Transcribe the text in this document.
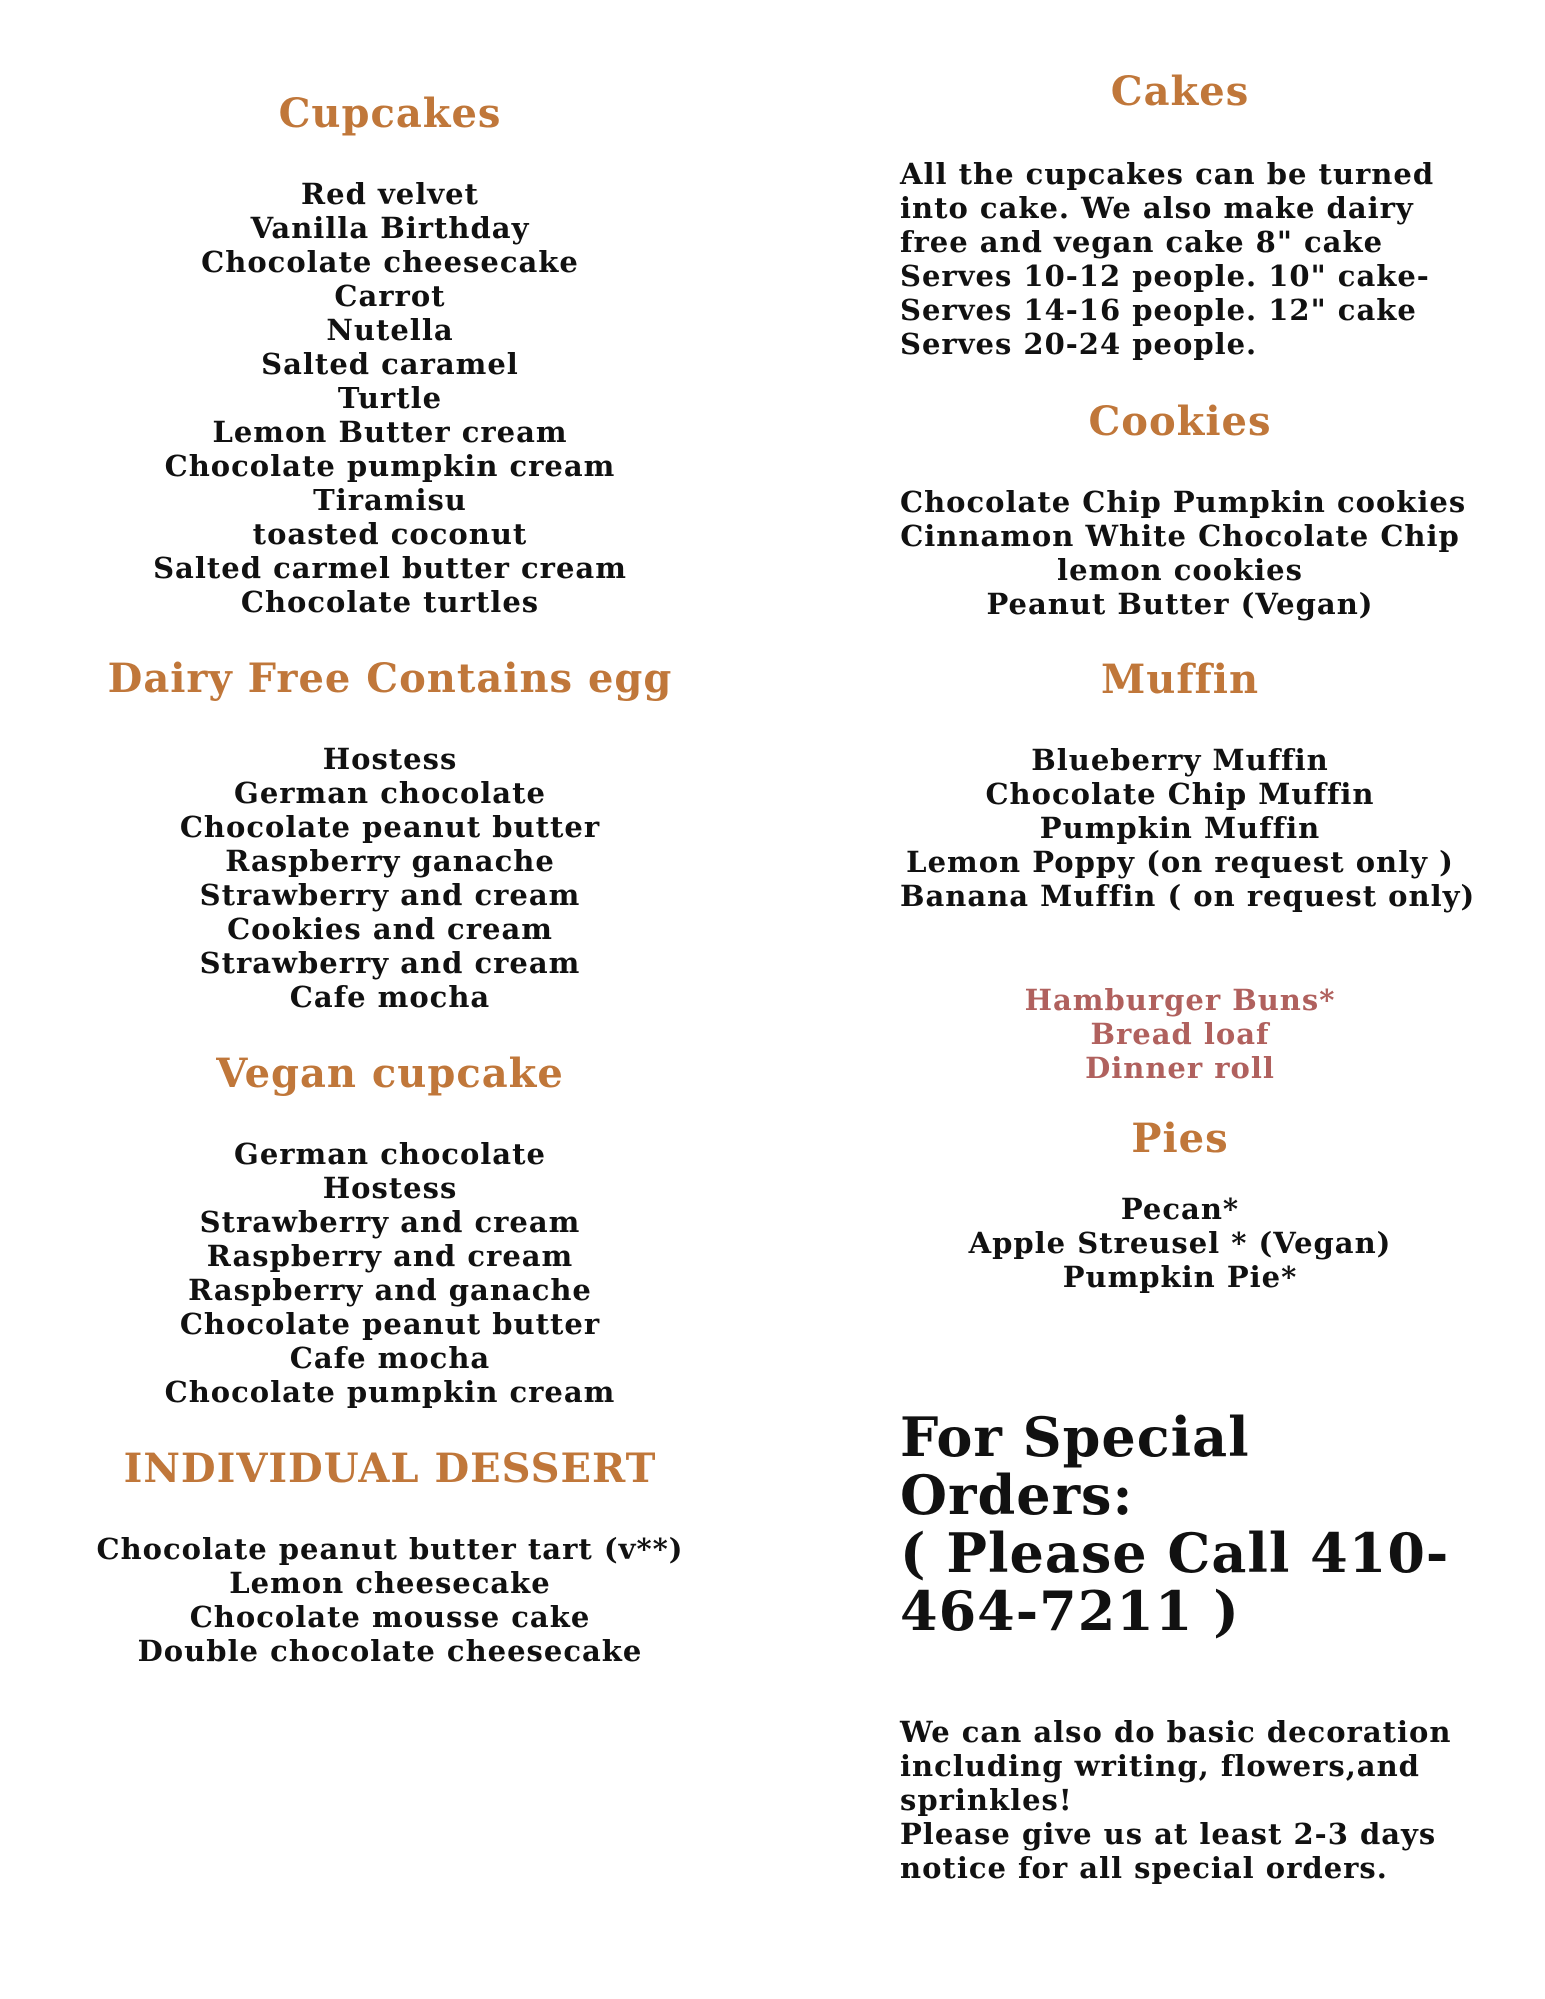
Cupcakes
Red velvet
Vanilla Birthday
Chocolate cheesecake
Carrot
Nutella
Salted caramel
Turtle
Lemon Butter cream
Chocolate pumpkin cream
Tiramisu
toasted coconut
Salted carmel butter cream
Chocolate turtles
Dairy Free Contains egg
Hostess
German chocolate
Chocolate peanut butter
Raspberry ganache
Strawberry and cream
Cookies and cream
Strawberry and cream
Cafe mocha
Vegan cupcake
German chocolate
Hostess
Strawberry and cream
Raspberry and cream
Raspberry and ganache
Chocolate peanut butter
Cafe mocha
Chocolate pumpkin cream
INDIVIDUAL DESSERT
Chocolate peanut butter tart (v**)
Lemon cheesecake
Chocolate mousse cake
Double chocolate cheesecake
Cakes
All the cupcakes can be turned
into cake. We also make dairy
free and vegan cake 8" cake
Serves 10-12 people. 10" cake-
Serves 14-16 people. 12" cake
Serves 20-24 people.
Cookies
Chocolate Chip Pumpkin cookies
Cinnamon White Chocolate Chip
lemon cookies
Peanut Butter (Vegan)
Muffin
Blueberry Muffin
Chocolate Chip Muffin
Pumpkin Muffin
Lemon Poppy (on request only )
Banana Muffin ( on request only)
Hamburger Buns*
Bread loaf
Dinner roll
Pies
Pecan*
Apple Streusel * (Vegan)
Pumpkin Pie*

For Special Orders:

( Please Call 410-

464-7211 )

We can also do basic decoration
including writing, flowers,and
sprinkles!
Please give us at least 2-3 days
notice for all special orders.
